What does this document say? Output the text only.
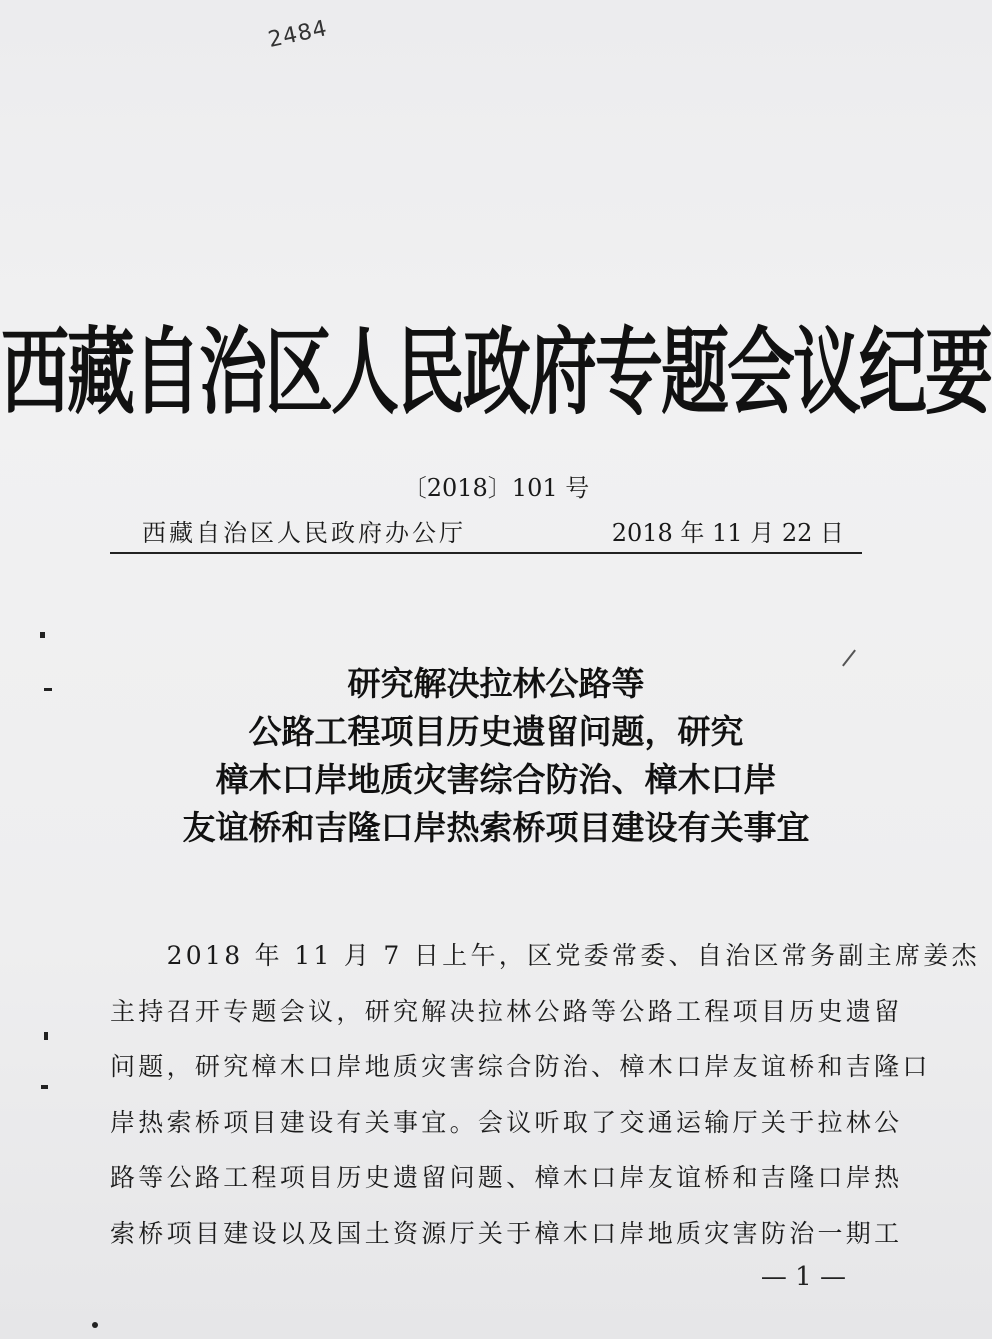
2484
西藏自治区人民政府专题会议纪要
〔2018〕101 号
西藏自治区人民政府办公厅	2018 年 11 月 22 日
研究解决拉林公路等
公路工程项目历史遗留问题，研究
樟木口岸地质灾害综合防治、樟木口岸
友谊桥和吉隆口岸热索桥项目建设有关事宜
　　2018 年 11 月 7 日上午，区党委常委、自治区常务副主席姜杰
主持召开专题会议，研究解决拉林公路等公路工程项目历史遗留
问题，研究樟木口岸地质灾害综合防治、樟木口岸友谊桥和吉隆口
岸热索桥项目建设有关事宜。会议听取了交通运输厅关于拉林公
路等公路工程项目历史遗留问题、樟木口岸友谊桥和吉隆口岸热
索桥项目建设以及国土资源厅关于樟木口岸地质灾害防治一期工
— 1 —
